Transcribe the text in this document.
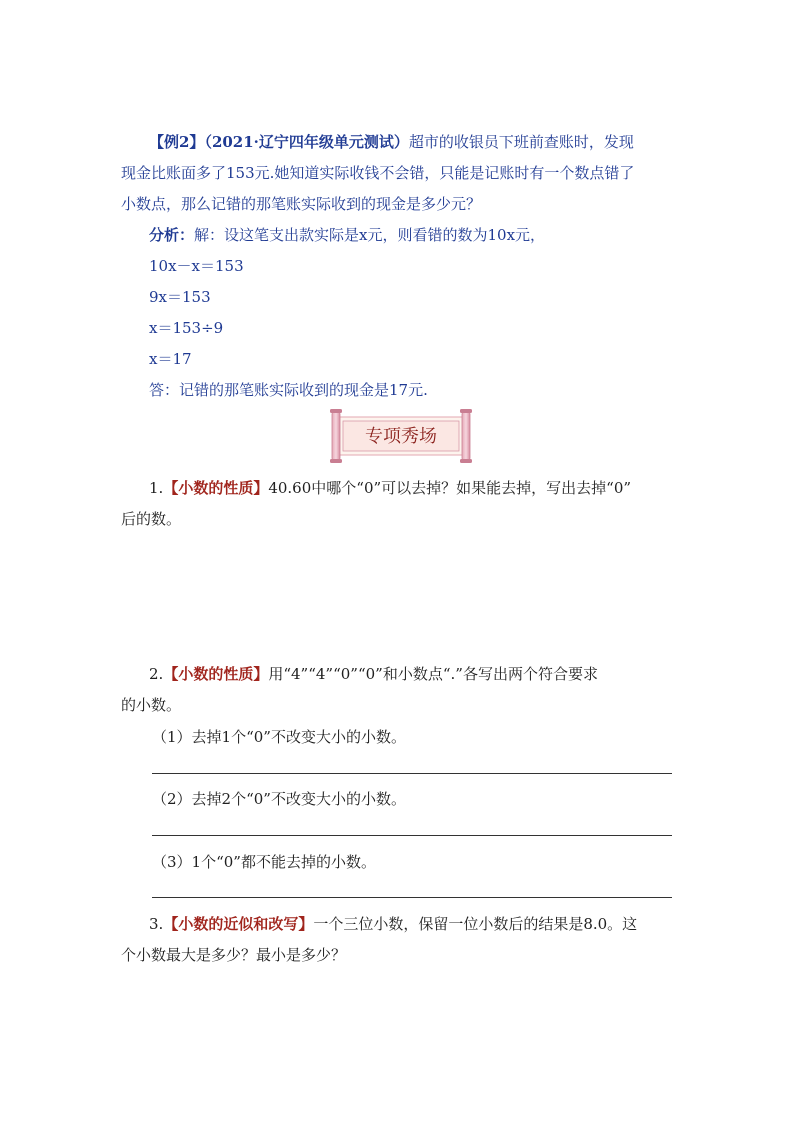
【例2】（2021·辽宁四年级单元测试）超市的收银员下班前查账时，发现
现金比账面多了153元.她知道实际收钱不会错，只能是记账时有一个数点错了
小数点，那么记错的那笔账实际收到的现金是多少元？
分析：解：设这笔支出款实际是x元，则看错的数为10x元，
10x－x＝153
9x＝153
x＝153÷9
x＝17
答：记错的那笔账实际收到的现金是17元.
专项秀场
1.【小数的性质】40.60中哪个“0”可以去掉？如果能去掉，写出去掉“0”
后的数。
2.【小数的性质】用“4”“4”“0”“0”和小数点“.”各写出两个符合要求
的小数。
（1）去掉1个“0”不改变大小的小数。
（2）去掉2个“0”不改变大小的小数。
（3）1个“0”都不能去掉的小数。
3.【小数的近似和改写】一个三位小数，保留一位小数后的结果是8.0。这
个小数最大是多少？最小是多少？
